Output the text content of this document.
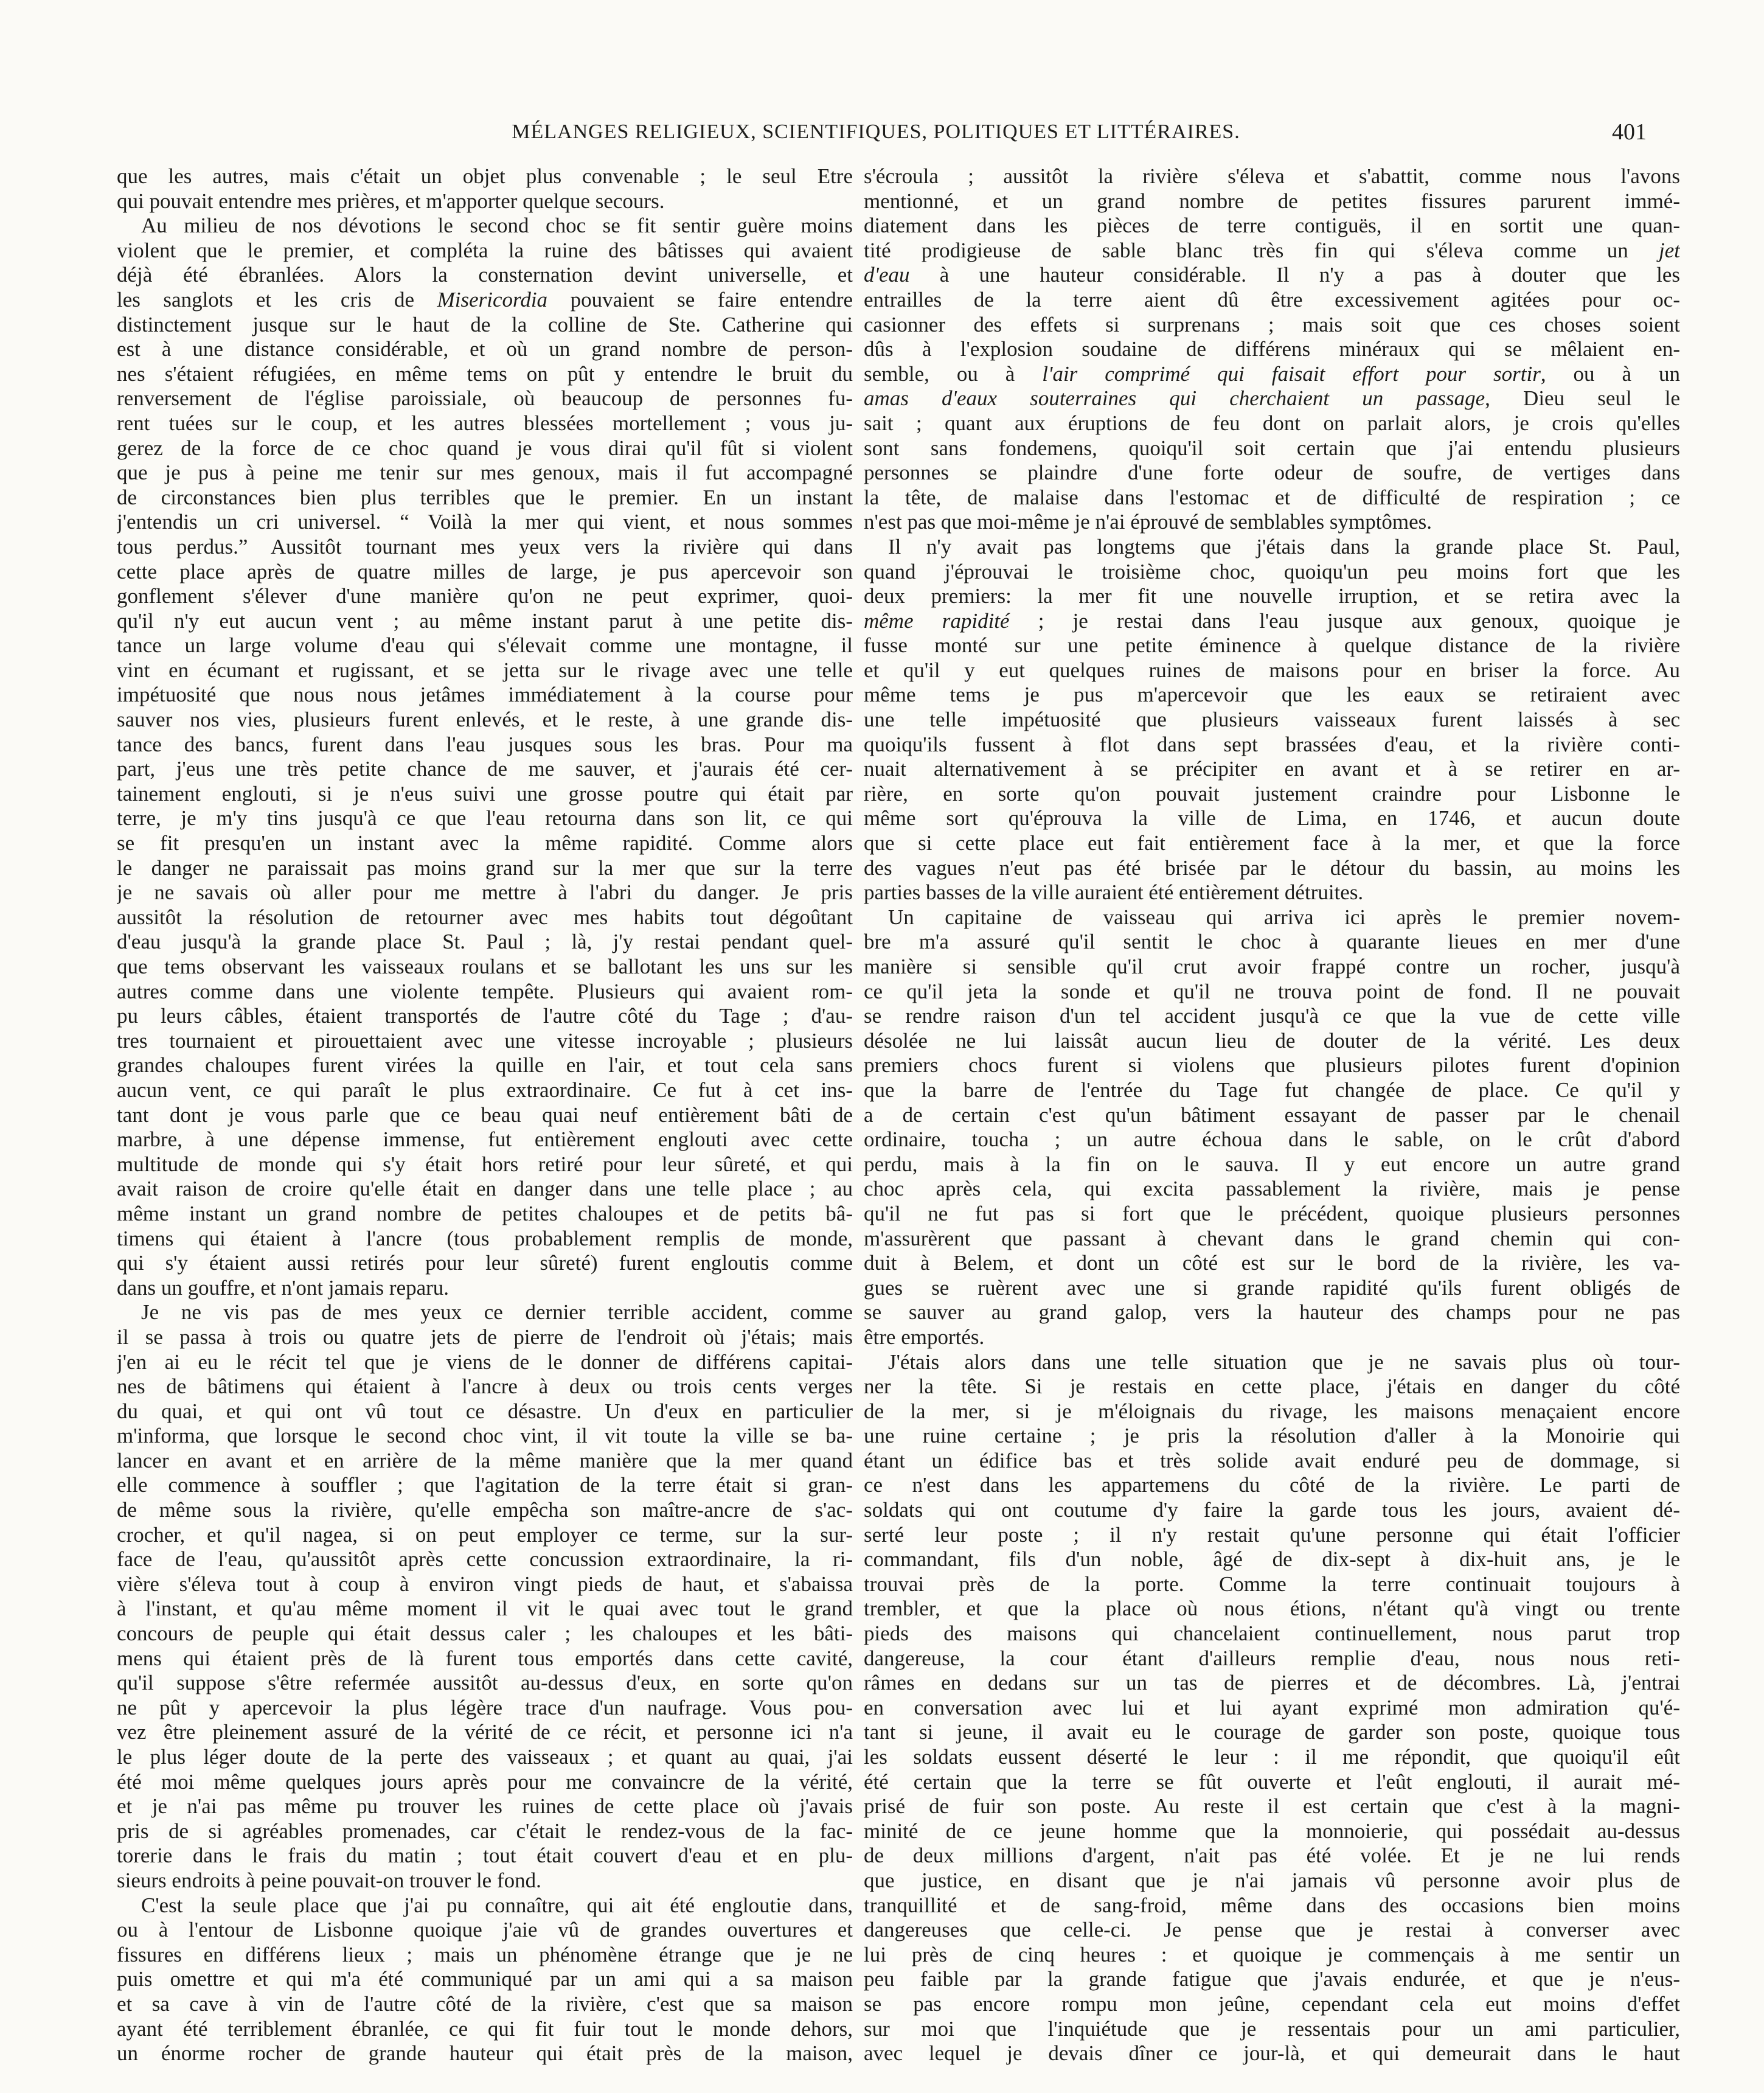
MÉLANGES RELIGIEUX, SCIENTIFIQUES, POLITIQUES ET LITTÉRAIRES.	401
que les autres, mais c'était un objet plus convenable ; le seul Etre
qui pouvait entendre mes prières, et m'apporter quelque secours.
Au milieu de nos dévotions le second choc se fit sentir guère moins
violent que le premier, et compléta la ruine des bâtisses qui avaient
déjà été ébranlées. Alors la consternation devint universelle, et
les sanglots et les cris de Misericordia pouvaient se faire entendre
distinctement jusque sur le haut de la colline de Ste. Catherine qui
est à une distance considérable, et où un grand nombre de person-
nes s'étaient réfugiées, en même tems on pût y entendre le bruit du
renversement de l'église paroissiale, où beaucoup de personnes fu-
rent tuées sur le coup, et les autres blessées mortellement ; vous ju-
gerez de la force de ce choc quand je vous dirai qu'il fût si violent
que je pus à peine me tenir sur mes genoux, mais il fut accompagné
de circonstances bien plus terribles que le premier. En un instant
j'entendis un cri universel. “ Voilà la mer qui vient, et nous sommes
tous perdus.” Aussitôt tournant mes yeux vers la rivière qui dans
cette place après de quatre milles de large, je pus apercevoir son
gonflement s'élever d'une manière qu'on ne peut exprimer, quoi-
qu'il n'y eut aucun vent ; au même instant parut à une petite dis-
tance un large volume d'eau qui s'élevait comme une montagne, il
vint en écumant et rugissant, et se jetta sur le rivage avec une telle
impétuosité que nous nous jetâmes immédiatement à la course pour
sauver nos vies, plusieurs furent enlevés, et le reste, à une grande dis-
tance des bancs, furent dans l'eau jusques sous les bras. Pour ma
part, j'eus une très petite chance de me sauver, et j'aurais été cer-
tainement englouti, si je n'eus suivi une grosse poutre qui était par
terre, je m'y tins jusqu'à ce que l'eau retourna dans son lit, ce qui
se fit presqu'en un instant avec la même rapidité. Comme alors
le danger ne paraissait pas moins grand sur la mer que sur la terre
je ne savais où aller pour me mettre à l'abri du danger. Je pris
aussitôt la résolution de retourner avec mes habits tout dégoûtant
d'eau jusqu'à la grande place St. Paul ; là, j'y restai pendant quel-
que tems observant les vaisseaux roulans et se ballotant les uns sur les
autres comme dans une violente tempête. Plusieurs qui avaient rom-
pu leurs câbles, étaient transportés de l'autre côté du Tage ; d'au-
tres tournaient et pirouettaient avec une vitesse incroyable ; plusieurs
grandes chaloupes furent virées la quille en l'air, et tout cela sans
aucun vent, ce qui paraît le plus extraordinaire. Ce fut à cet ins-
tant dont je vous parle que ce beau quai neuf entièrement bâti de
marbre, à une dépense immense, fut entièrement englouti avec cette
multitude de monde qui s'y était hors retiré pour leur sûreté, et qui
avait raison de croire qu'elle était en danger dans une telle place ; au
même instant un grand nombre de petites chaloupes et de petits bâ-
timens qui étaient à l'ancre (tous probablement remplis de monde,
qui s'y étaient aussi retirés pour leur sûreté) furent engloutis comme
dans un gouffre, et n'ont jamais reparu.
Je ne vis pas de mes yeux ce dernier terrible accident, comme
il se passa à trois ou quatre jets de pierre de l'endroit où j'étais; mais
j'en ai eu le récit tel que je viens de le donner de différens capitai-
nes de bâtimens qui étaient à l'ancre à deux ou trois cents verges
du quai, et qui ont vû tout ce désastre. Un d'eux en particulier
m'informa, que lorsque le second choc vint, il vit toute la ville se ba-
lancer en avant et en arrière de la même manière que la mer quand
elle commence à souffler ; que l'agitation de la terre était si gran-
de même sous la rivière, qu'elle empêcha son maître-ancre de s'ac-
crocher, et qu'il nagea, si on peut employer ce terme, sur la sur-
face de l'eau, qu'aussitôt après cette concussion extraordinaire, la ri-
vière s'éleva tout à coup à environ vingt pieds de haut, et s'abaissa
à l'instant, et qu'au même moment il vit le quai avec tout le grand
concours de peuple qui était dessus caler ; les chaloupes et les bâti-
mens qui étaient près de là furent tous emportés dans cette cavité,
qu'il suppose s'être refermée aussitôt au-dessus d'eux, en sorte qu'on
ne pût y apercevoir la plus légère trace d'un naufrage. Vous pou-
vez être pleinement assuré de la vérité de ce récit, et personne ici n'a
le plus léger doute de la perte des vaisseaux ; et quant au quai, j'ai
été moi même quelques jours après pour me convaincre de la vérité,
et je n'ai pas même pu trouver les ruines de cette place où j'avais
pris de si agréables promenades, car c'était le rendez-vous de la fac-
torerie dans le frais du matin ; tout était couvert d'eau et en plu-
sieurs endroits à peine pouvait-on trouver le fond.
C'est la seule place que j'ai pu connaître, qui ait été engloutie dans,
ou à l'entour de Lisbonne quoique j'aie vû de grandes ouvertures et
fissures en différens lieux ; mais un phénomène étrange que je ne
puis omettre et qui m'a été communiqué par un ami qui a sa maison
et sa cave à vin de l'autre côté de la rivière, c'est que sa maison
ayant été terriblement ébranlée, ce qui fit fuir tout le monde dehors,
un énorme rocher de grande hauteur qui était près de la maison,
s'écroula ; aussitôt la rivière s'éleva et s'abattit, comme nous l'avons
mentionné, et un grand nombre de petites fissures parurent immé-
diatement dans les pièces de terre contiguës, il en sortit une quan-
tité prodigieuse de sable blanc très fin qui s'éleva comme un jet
d'eau à une hauteur considérable. Il n'y a pas à douter que les
entrailles de la terre aient dû être excessivement agitées pour oc-
casionner des effets si surprenans ; mais soit que ces choses soient
dûs à l'explosion soudaine de différens minéraux qui se mêlaient en-
semble, ou à l'air comprimé qui faisait effort pour sortir, ou à un
amas d'eaux souterraines qui cherchaient un passage, Dieu seul le
sait ; quant aux éruptions de feu dont on parlait alors, je crois qu'elles
sont sans fondemens, quoiqu'il soit certain que j'ai entendu plusieurs
personnes se plaindre d'une forte odeur de soufre, de vertiges dans
la tête, de malaise dans l'estomac et de difficulté de respiration ; ce
n'est pas que moi-même je n'ai éprouvé de semblables symptômes.
Il n'y avait pas longtems que j'étais dans la grande place St. Paul,
quand j'éprouvai le troisième choc, quoiqu'un peu moins fort que les
deux premiers: la mer fit une nouvelle irruption, et se retira avec la
même rapidité ; je restai dans l'eau jusque aux genoux, quoique je
fusse monté sur une petite éminence à quelque distance de la rivière
et qu'il y eut quelques ruines de maisons pour en briser la force. Au
même tems je pus m'apercevoir que les eaux se retiraient avec
une telle impétuosité que plusieurs vaisseaux furent laissés à sec
quoiqu'ils fussent à flot dans sept brassées d'eau, et la rivière conti-
nuait alternativement à se précipiter en avant et à se retirer en ar-
rière, en sorte qu'on pouvait justement craindre pour Lisbonne le
même sort qu'éprouva la ville de Lima, en 1746, et aucun doute
que si cette place eut fait entièrement face à la mer, et que la force
des vagues n'eut pas été brisée par le détour du bassin, au moins les
parties basses de la ville auraient été entièrement détruites.
Un capitaine de vaisseau qui arriva ici après le premier novem-
bre m'a assuré qu'il sentit le choc à quarante lieues en mer d'une
manière si sensible qu'il crut avoir frappé contre un rocher, jusqu'à
ce qu'il jeta la sonde et qu'il ne trouva point de fond. Il ne pouvait
se rendre raison d'un tel accident jusqu'à ce que la vue de cette ville
désolée ne lui laissât aucun lieu de douter de la vérité. Les deux
premiers chocs furent si violens que plusieurs pilotes furent d'opinion
que la barre de l'entrée du Tage fut changée de place. Ce qu'il y
a de certain c'est qu'un bâtiment essayant de passer par le chenail
ordinaire, toucha ; un autre échoua dans le sable, on le crût d'abord
perdu, mais à la fin on le sauva. Il y eut encore un autre grand
choc après cela, qui excita passablement la rivière, mais je pense
qu'il ne fut pas si fort que le précédent, quoique plusieurs personnes
m'assurèrent que passant à chevant dans le grand chemin qui con-
duit à Belem, et dont un côté est sur le bord de la rivière, les va-
gues se ruèrent avec une si grande rapidité qu'ils furent obligés de
se sauver au grand galop, vers la hauteur des champs pour ne pas
être emportés.
J'étais alors dans une telle situation que je ne savais plus où tour-
ner la tête. Si je restais en cette place, j'étais en danger du côté
de la mer, si je m'éloignais du rivage, les maisons menaçaient encore
une ruine certaine ; je pris la résolution d'aller à la Monoirie qui
étant un édifice bas et très solide avait enduré peu de dommage, si
ce n'est dans les appartemens du côté de la rivière. Le parti de
soldats qui ont coutume d'y faire la garde tous les jours, avaient dé-
serté leur poste ; il n'y restait qu'une personne qui était l'officier
commandant, fils d'un noble, âgé de dix-sept à dix-huit ans, je le
trouvai près de la porte. Comme la terre continuait toujours à
trembler, et que la place où nous étions, n'étant qu'à vingt ou trente
pieds des maisons qui chancelaient continuellement, nous parut trop
dangereuse, la cour étant d'ailleurs remplie d'eau, nous nous reti-
râmes en dedans sur un tas de pierres et de décombres. Là, j'entrai
en conversation avec lui et lui ayant exprimé mon admiration qu'é-
tant si jeune, il avait eu le courage de garder son poste, quoique tous
les soldats eussent déserté le leur : il me répondit, que quoiqu'il eût
été certain que la terre se fût ouverte et l'eût englouti, il aurait mé-
prisé de fuir son poste. Au reste il est certain que c'est à la magni-
minité de ce jeune homme que la monnoierie, qui possédait au-dessus
de deux millions d'argent, n'ait pas été volée. Et je ne lui rends
que justice, en disant que je n'ai jamais vû personne avoir plus de
tranquillité et de sang-froid, même dans des occasions bien moins
dangereuses que celle-ci. Je pense que je restai à converser avec
lui près de cinq heures : et quoique je commençais à me sentir un
peu faible par la grande fatigue que j'avais endurée, et que je n'eus-
se pas encore rompu mon jeûne, cependant cela eut moins d'effet
sur moi que l'inquiétude que je ressentais pour un ami particulier,
avec lequel je devais dîner ce jour-là, et qui demeurait dans le haut
